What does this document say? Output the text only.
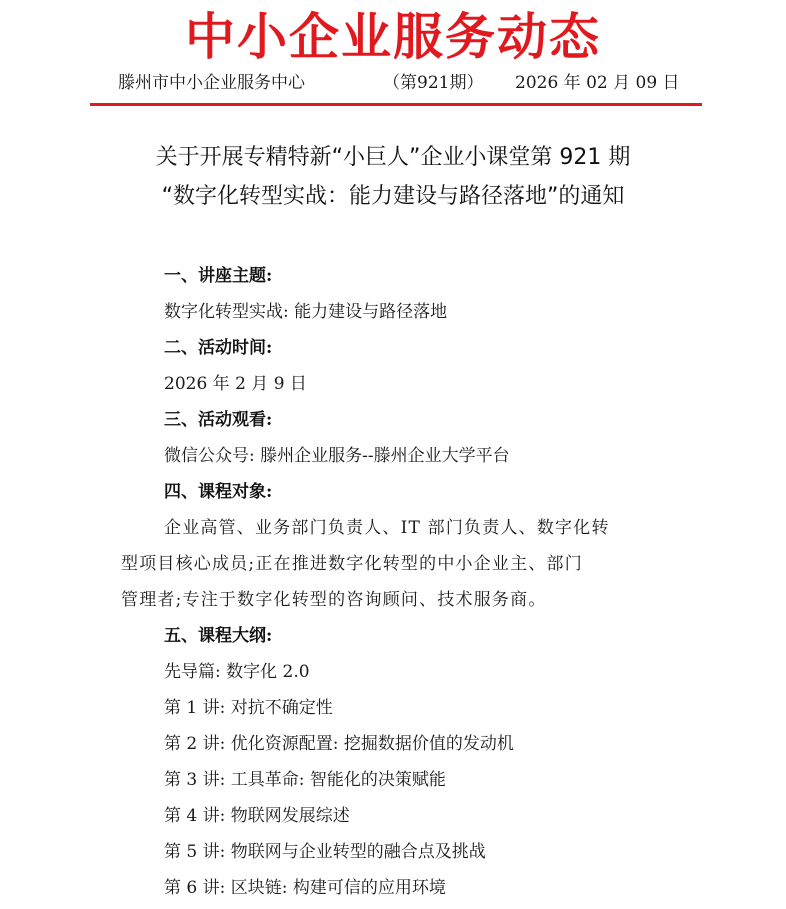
中小企业服务动态
滕州市中小企业服务中心	（第921期） 2026 年 02 月 09 日
关于开展专精特新“小巨人”企业小课堂第 921 期
“数字化转型实战：能力建设与路径落地”的通知
一、讲座主题:
数字化转型实战: 能力建设与路径落地
二、活动时间:
2026 年 2 月 9 日
三、活动观看:
微信公众号: 滕州企业服务--滕州企业大学平台
四、课程对象:
企业高管、业务部门负责人、IT 部门负责人、数字化转
型项目核心成员;正在推进数字化转型的中小企业主、部门
管理者;专注于数字化转型的咨询顾问、技术服务商。
五、课程大纲:
先导篇: 数字化 2.0
第 1 讲: 对抗不确定性
第 2 讲: 优化资源配置: 挖掘数据价值的发动机
第 3 讲: 工具革命: 智能化的决策赋能
第 4 讲: 物联网发展综述
第 5 讲: 物联网与企业转型的融合点及挑战
第 6 讲: 区块链: 构建可信的应用环境
